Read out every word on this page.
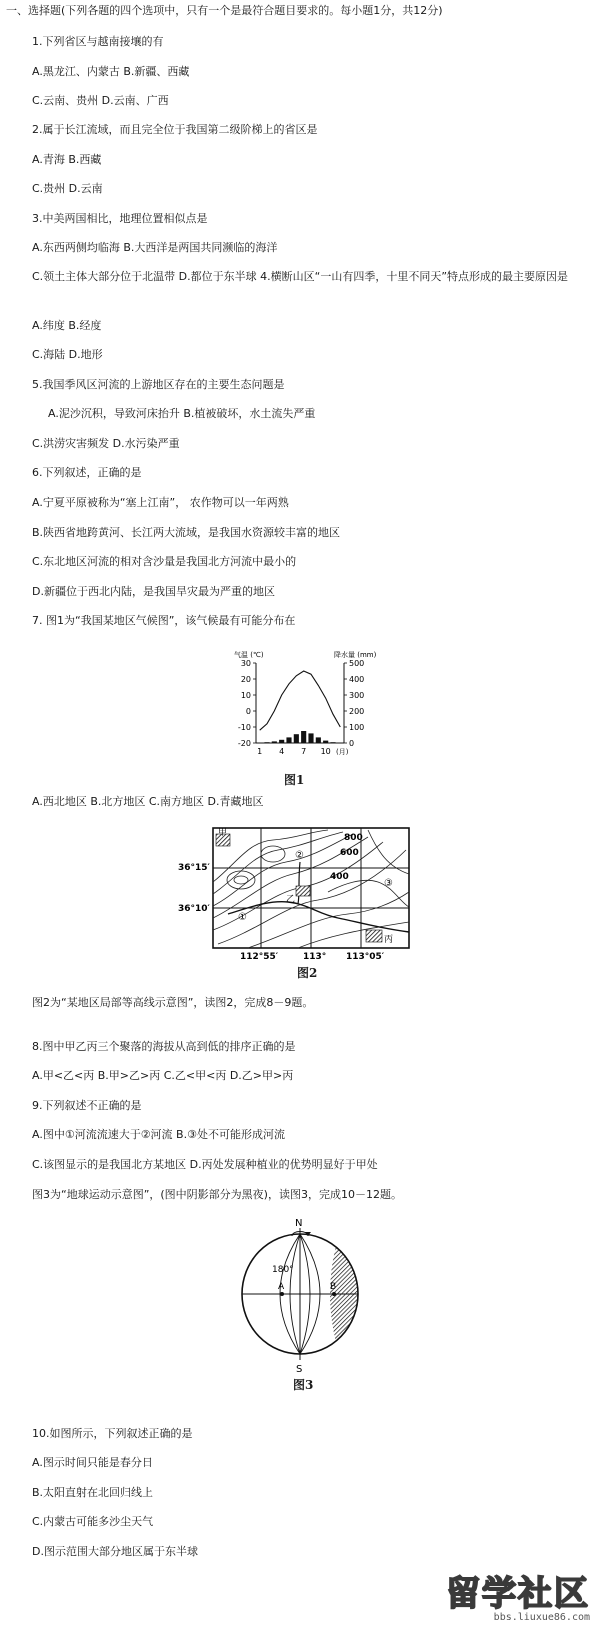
一、选择题(下列各题的四个选项中，只有一个是最符合题目要求的。每小题1分，共12分)
1.下列省区与越南接壤的有
A.黑龙江、内蒙古 B.新疆、西藏
C.云南、贵州 D.云南、广西
2.属于长江流域，而且完全位于我国第二级阶梯上的省区是
A.青海 B.西藏
C.贵州 D.云南
3.中美两国相比，地理位置相似点是
A.东西两侧均临海 B.大西洋是两国共同濒临的海洋
C.领土主体大部分位于北温带 D.都位于东半球 4.横断山区“一山有四季，十里不同天”特点形成的最主要原因是
A.纬度 B.经度
C.海陆 D.地形
5.我国季风区河流的上游地区存在的主要生态问题是
A.泥沙沉积，导致河床抬升 B.植被破坏，水土流失严重
C.洪涝灾害频发 D.水污染严重
6.下列叙述，正确的是
A.宁夏平原被称为“塞上江南”， 农作物可以一年两熟
B.陕西省地跨黄河、长江两大流域，是我国水资源较丰富的地区
C.东北地区河流的相对含沙量是我国北方河流中最小的
D.新疆位于西北内陆，是我国旱灾最为严重的地区
7. 图1为“我国某地区气候图”，该气候最有可能分布在
30
20
10
0
-10
-20
500
400
300
200
100
0
气温 (℃)	降水量 (mm)
1 4 7 10 (月)
图1
A.西北地区 B.北方地区 C.南方地区 D.青藏地区
甲
乙
丙
800
600
400
①
②
③
36°15′
36°10′
112°55′	113° 113°05′
图2
图2为“某地区局部等高线示意图”，读图2，完成8－9题。
8.图中甲乙丙三个聚落的海拔从高到低的排序正确的是
A.甲<乙<丙 B.甲>乙>丙 C.乙<甲<丙 D.乙>甲>丙
9.下列叙述不正确的是
A.图中①河流流速大于②河流 B.③处不可能形成河流
C.该图显示的是我国北方某地区 D.丙处发展种植业的优势明显好于甲处
图3为“地球运动示意图”，(图中阴影部分为黑夜)，读图3，完成10－12题。
N
S
A	B
180°
图3
10.如图所示，下列叙述正确的是
A.图示时间只能是春分日
B.太阳直射在北回归线上
C.内蒙古可能多沙尘天气
D.图示范围大部分地区属于东半球
留学社区
bbs.liuxue86.com
